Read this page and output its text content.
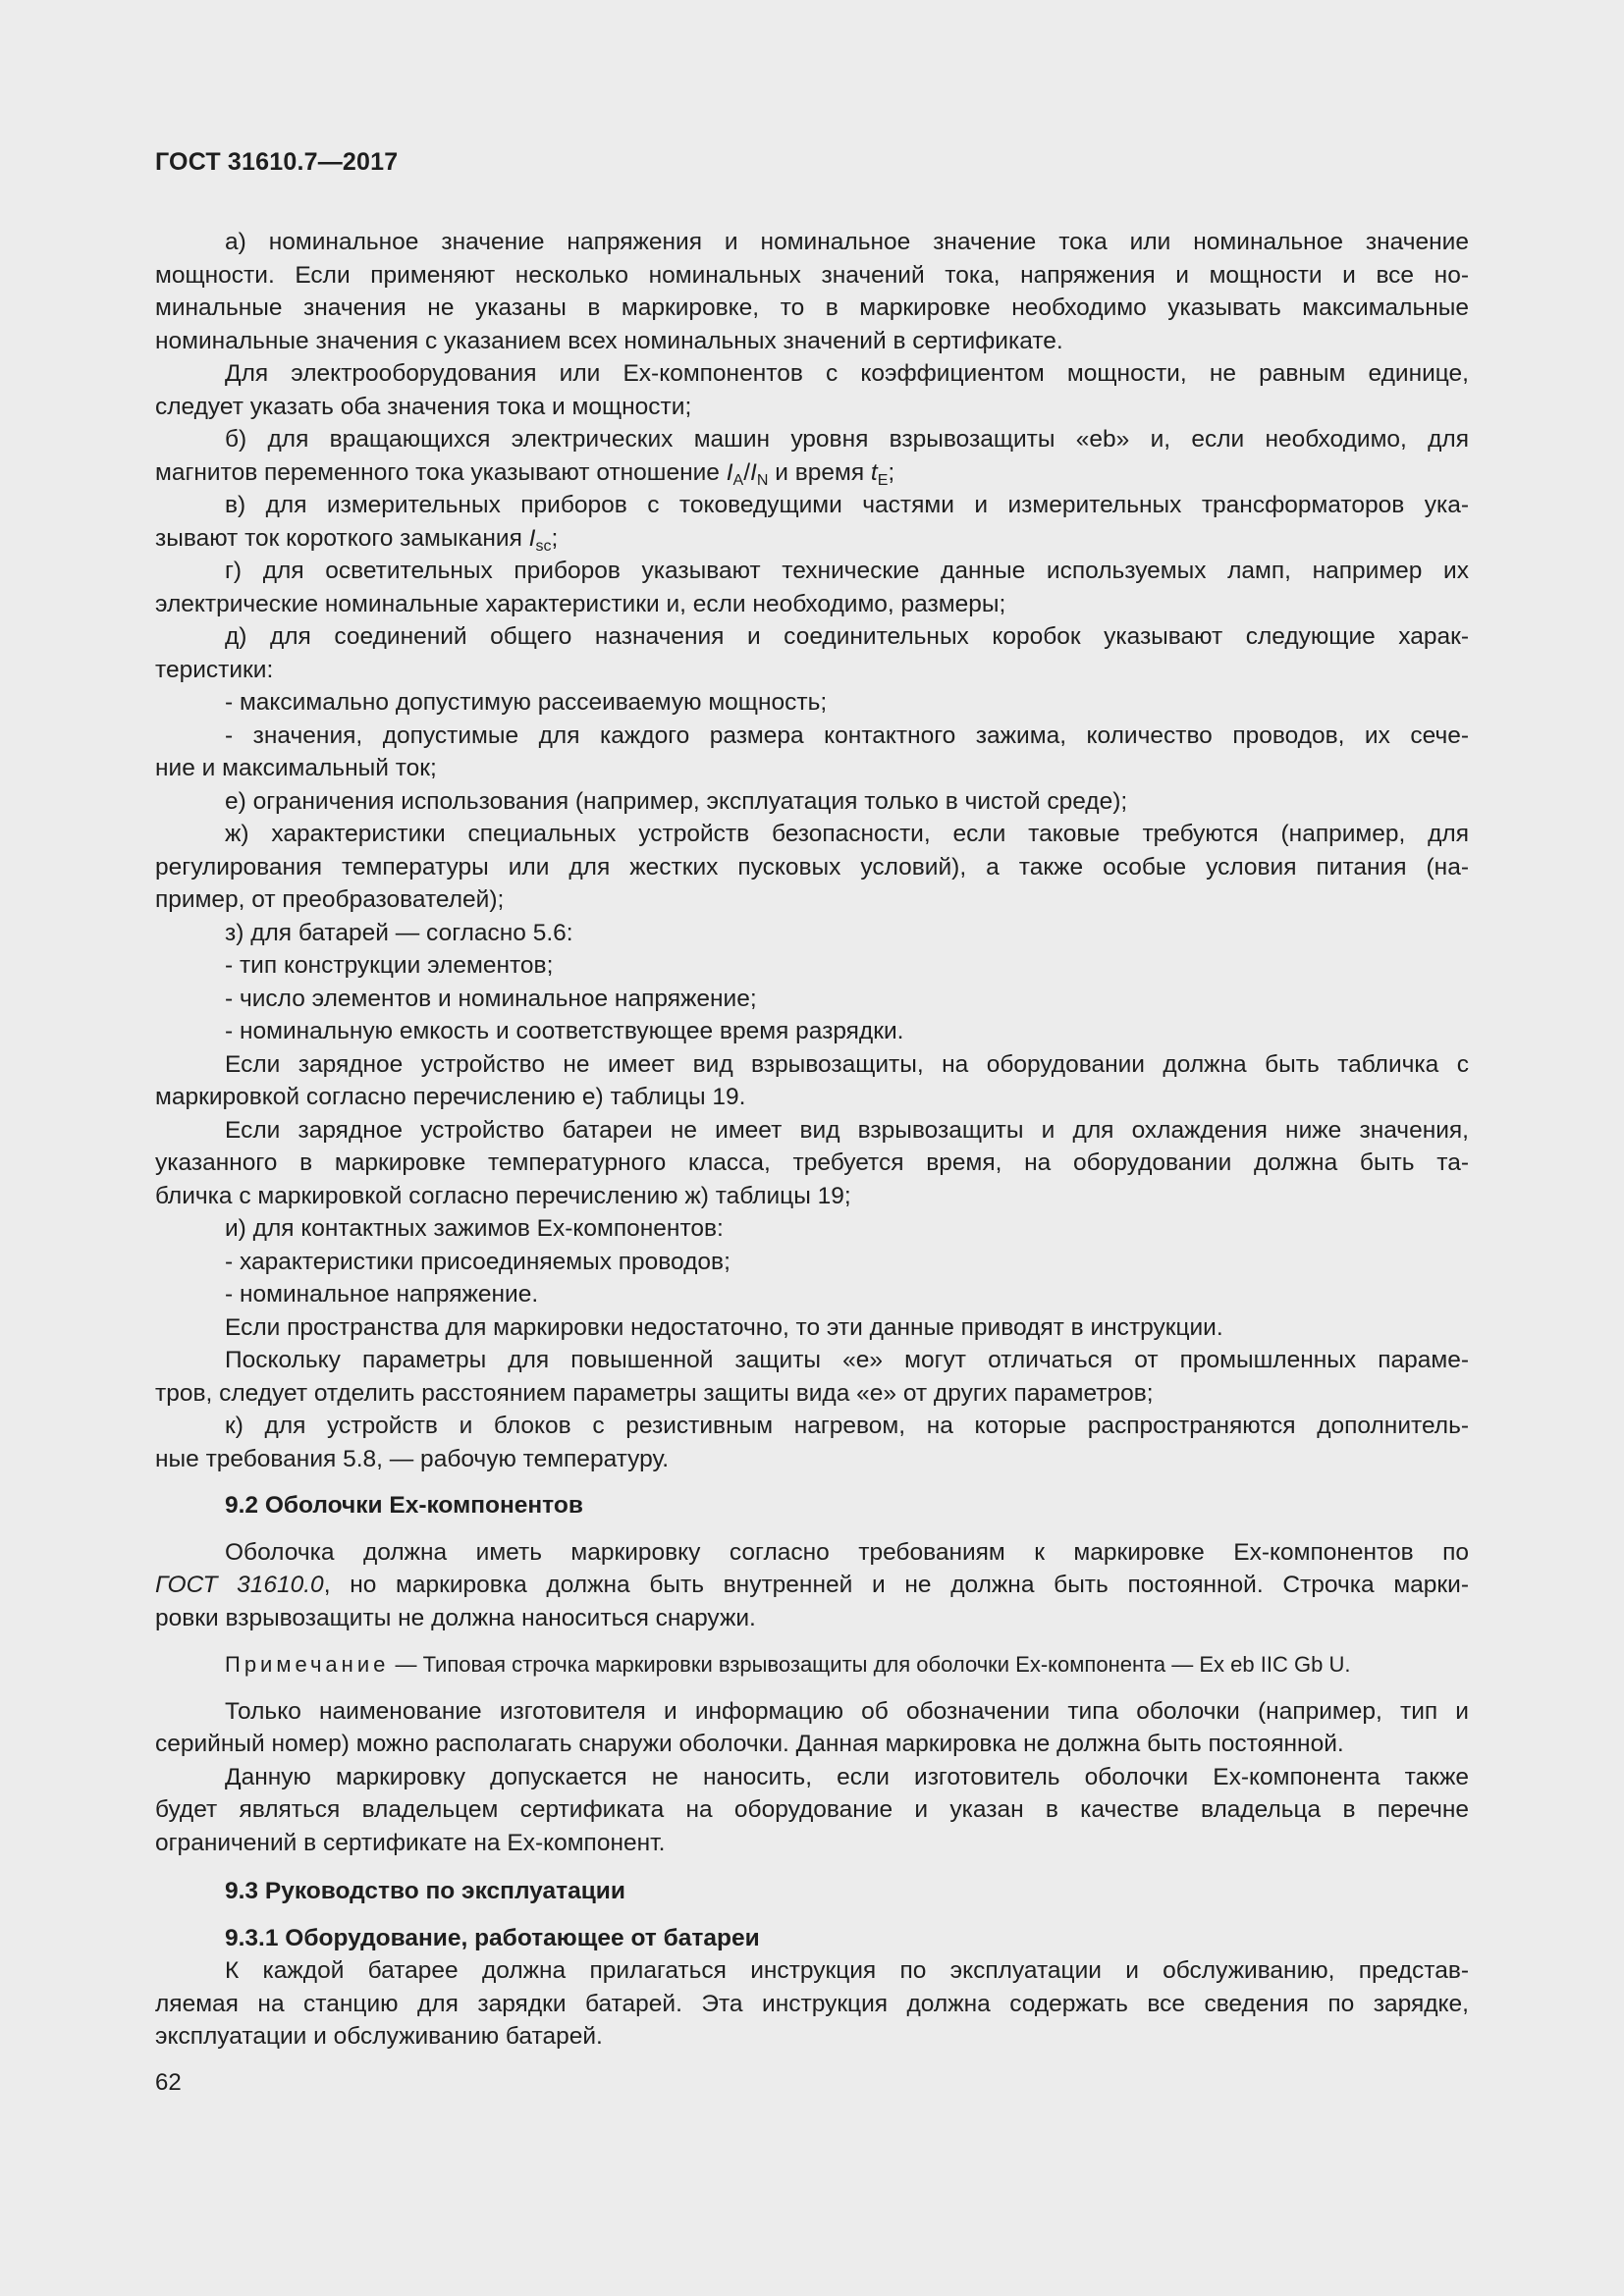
ГОСТ 31610.7—2017
а) номинальное значение напряжения и номинальное значение тока или номинальное значение
мощности. Если применяют несколько номинальных значений тока, напряжения и мощности и все но-
минальные значения не указаны в маркировке, то в маркировке необходимо указывать максимальные
номинальные значения с указанием всех номинальных значений в сертификате.
Для электрооборудования или Ex-компонентов с коэффициентом мощности, не равным единице,
следует указать оба значения тока и мощности;
б) для вращающихся электрических машин уровня взрывозащиты «eb» и, если необходимо, для
магнитов переменного тока указывают отношение $I_A/I_N$ и время $t_E$;
в) для измерительных приборов с токоведущими частями и измерительных трансформаторов ука-
зывают ток короткого замыкания $I_{sc}$;
г) для осветительных приборов указывают технические данные используемых ламп, например их
электрические номинальные характеристики и, если необходимо, размеры;
д) для соединений общего назначения и соединительных коробок указывают следующие харак-
теристики:
- максимально допустимую рассеиваемую мощность;
- значения, допустимые для каждого размера контактного зажима, количество проводов, их сече-
ние и максимальный ток;
е) ограничения использования (например, эксплуатация только в чистой среде);
ж) характеристики специальных устройств безопасности, если таковые требуются (например, для
регулирования температуры или для жестких пусковых условий), а также особые условия питания (на-
пример, от преобразователей);
з) для батарей — согласно 5.6:
- тип конструкции элементов;
- число элементов и номинальное напряжение;
- номинальную емкость и соответствующее время разрядки.
Если зарядное устройство не имеет вид взрывозащиты, на оборудовании должна быть табличка с
маркировкой согласно перечислению е) таблицы 19.
Если зарядное устройство батареи не имеет вид взрывозащиты и для охлаждения ниже значения,
указанного в маркировке температурного класса, требуется время, на оборудовании должна быть та-
бличка с маркировкой согласно перечислению ж) таблицы 19;
и) для контактных зажимов Ex-компонентов:
- характеристики присоединяемых проводов;
- номинальное напряжение.
Если пространства для маркировки недостаточно, то эти данные приводят в инструкции.
Поскольку параметры для повышенной защиты «е» могут отличаться от промышленных параме-
тров, следует отделить расстоянием параметры защиты вида «е» от других параметров;
к) для устройств и блоков с резистивным нагревом, на которые распространяются дополнитель-
ные требования 5.8, — рабочую температуру.
9.2 Оболочки Ex-компонентов
Оболочка должна иметь маркировку согласно требованиям к маркировке Ex-компонентов по
ГОСТ 31610.0, но маркировка должна быть внутренней и не должна быть постоянной. Строчка марки-
ровки взрывозащиты не должна наноситься снаружи.
Примечание — Типовая строчка маркировки взрывозащиты для оболочки Ex-компонента — Ex eb IIC Gb U.
Только наименование изготовителя и информацию об обозначении типа оболочки (например, тип и
серийный номер) можно располагать снаружи оболочки. Данная маркировка не должна быть постоянной.
Данную маркировку допускается не наносить, если изготовитель оболочки Ex-компонента также
будет являться владельцем сертификата на оборудование и указан в качестве владельца в перечне
ограничений в сертификате на Ex-компонент.
9.3 Руководство по эксплуатации
9.3.1 Оборудование, работающее от батареи
К каждой батарее должна прилагаться инструкция по эксплуатации и обслуживанию, представ-
ляемая на станцию для зарядки батарей. Эта инструкция должна содержать все сведения по зарядке,
эксплуатации и обслуживанию батарей.
62
